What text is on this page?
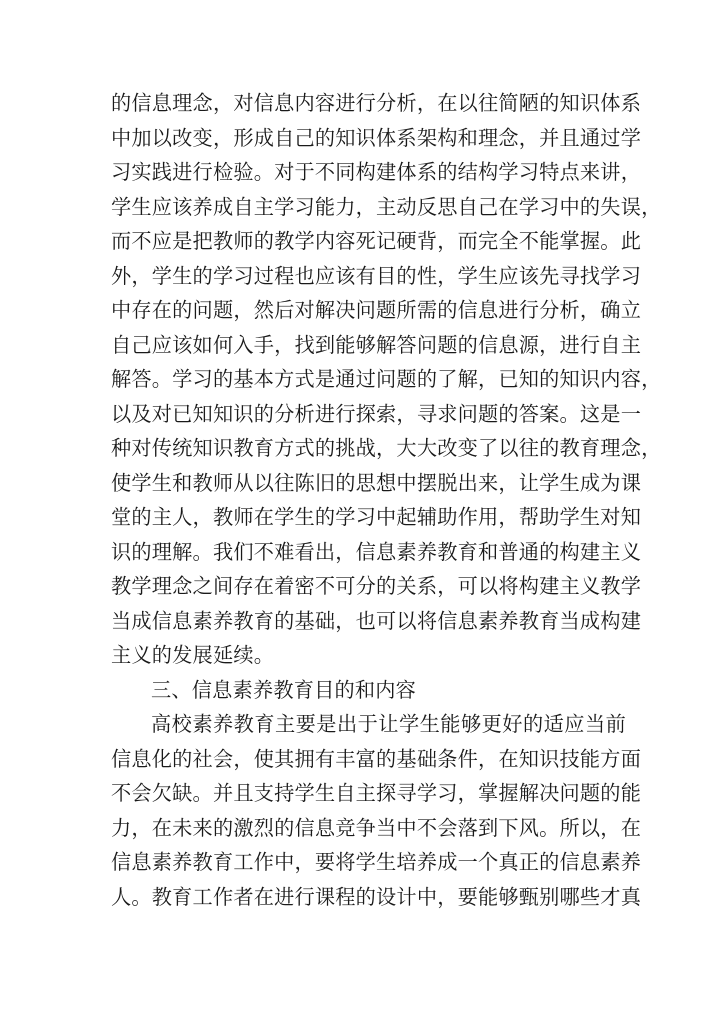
的信息理念，对信息内容进行分析，在以往简陋的知识体系
中加以改变，形成自己的知识体系架构和理念，并且通过学
习实践进行检验。对于不同构建体系的结构学习特点来讲，
学生应该养成自主学习能力，主动反思自己在学习中的失误，
而不应是把教师的教学内容死记硬背，而完全不能掌握。此
外，学生的学习过程也应该有目的性，学生应该先寻找学习
中存在的问题，然后对解决问题所需的信息进行分析，确立
自己应该如何入手，找到能够解答问题的信息源，进行自主
解答。学习的基本方式是通过问题的了解，已知的知识内容，
以及对已知知识的分析进行探索，寻求问题的答案。这是一
种对传统知识教育方式的挑战，大大改变了以往的教育理念，
使学生和教师从以往陈旧的思想中摆脱出来，让学生成为课
堂的主人，教师在学生的学习中起辅助作用，帮助学生对知
识的理解。我们不难看出，信息素养教育和普通的构建主义
教学理念之间存在着密不可分的关系，可以将构建主义教学
当成信息素养教育的基础，也可以将信息素养教育当成构建
主义的发展延续。
三、信息素养教育目的和内容
高校素养教育主要是出于让学生能够更好的适应当前
信息化的社会，使其拥有丰富的基础条件，在知识技能方面
不会欠缺。并且支持学生自主探寻学习，掌握解决问题的能
力，在未来的激烈的信息竞争当中不会落到下风。所以，在
信息素养教育工作中，要将学生培养成一个真正的信息素养
人。教育工作者在进行课程的设计中，要能够甄别哪些才真
